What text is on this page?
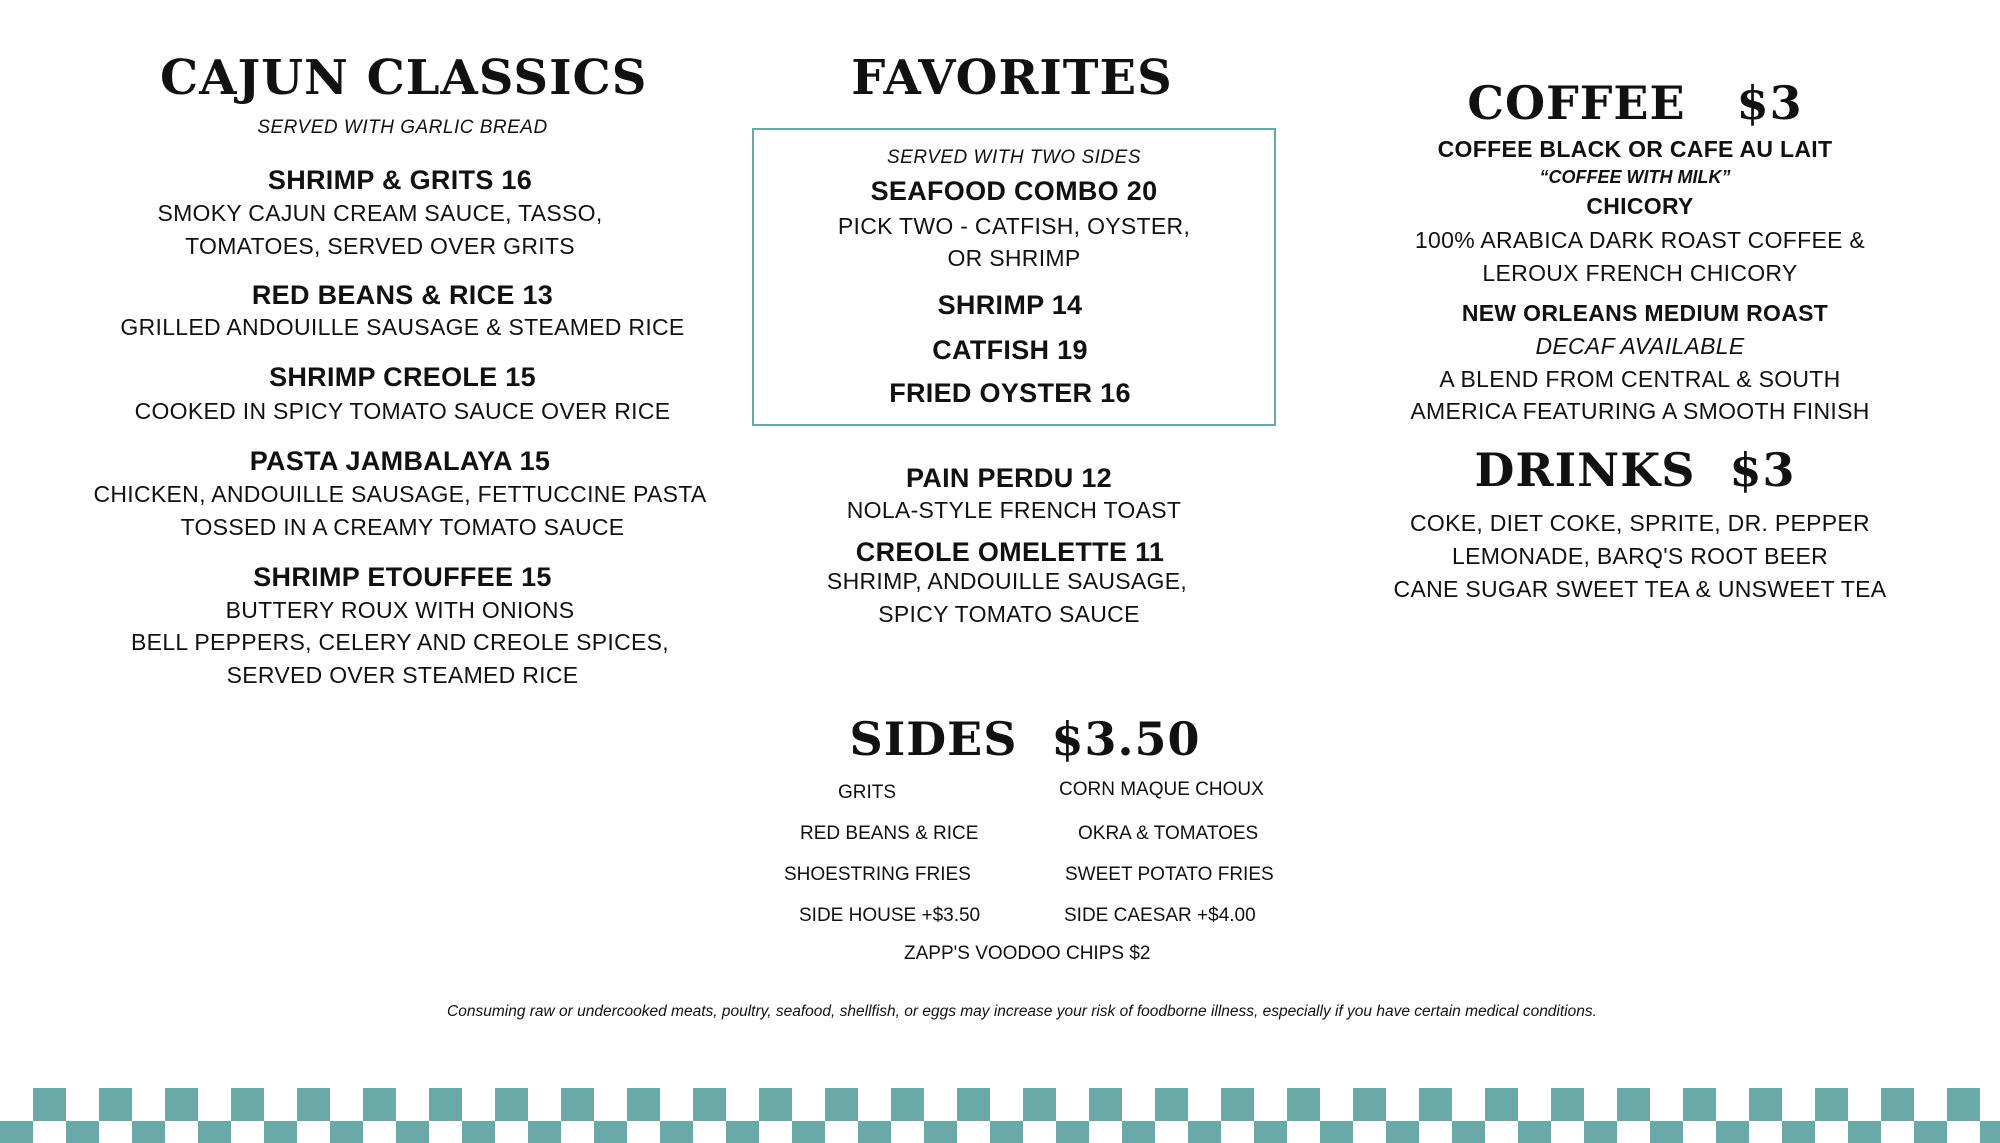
CAJUN CLASSICS
SERVED WITH GARLIC BREAD
SHRIMP & GRITS 16
SMOKY CAJUN CREAM SAUCE, TASSO,
TOMATOES, SERVED OVER GRITS
RED BEANS & RICE 13
GRILLED ANDOUILLE SAUSAGE & STEAMED RICE
SHRIMP CREOLE 15
COOKED IN SPICY TOMATO SAUCE OVER RICE
PASTA JAMBALAYA 15
CHICKEN, ANDOUILLE SAUSAGE, FETTUCCINE PASTA
TOSSED IN A CREAMY TOMATO SAUCE
SHRIMP ETOUFFEE 15
BUTTERY ROUX WITH ONIONS
BELL PEPPERS, CELERY AND CREOLE SPICES,
SERVED OVER STEAMED RICE
FAVORITES
SERVED WITH TWO SIDES
SEAFOOD COMBO 20
PICK TWO - CATFISH, OYSTER,
OR SHRIMP
SHRIMP 14
CATFISH 19
FRIED OYSTER 16
PAIN PERDU 12
NOLA-STYLE FRENCH TOAST
CREOLE OMELETTE 11
SHRIMP, ANDOUILLE SAUSAGE,
SPICY TOMATO SAUCE
COFFEE   $3
COFFEE BLACK OR CAFE AU LAIT
“COFFEE WITH MILK”
CHICORY
100% ARABICA DARK ROAST COFFEE &
LEROUX FRENCH CHICORY
NEW ORLEANS MEDIUM ROAST
DECAF AVAILABLE
A BLEND FROM CENTRAL & SOUTH
AMERICA FEATURING A SMOOTH FINISH
DRINKS  $3
COKE, DIET COKE, SPRITE, DR. PEPPER
LEMONADE, BARQ'S ROOT BEER
CANE SUGAR SWEET TEA & UNSWEET TEA
SIDES  $3.50
GRITS
RED BEANS & RICE
SHOESTRING FRIES
SIDE HOUSE +$3.50
CORN MAQUE CHOUX
OKRA & TOMATOES
SWEET POTATO FRIES
SIDE CAESAR +$4.00
ZAPP'S VOODOO CHIPS $2
Consuming raw or undercooked meats, poultry, seafood, shellfish, or eggs may increase your risk of foodborne illness, especially if you have certain medical conditions.
